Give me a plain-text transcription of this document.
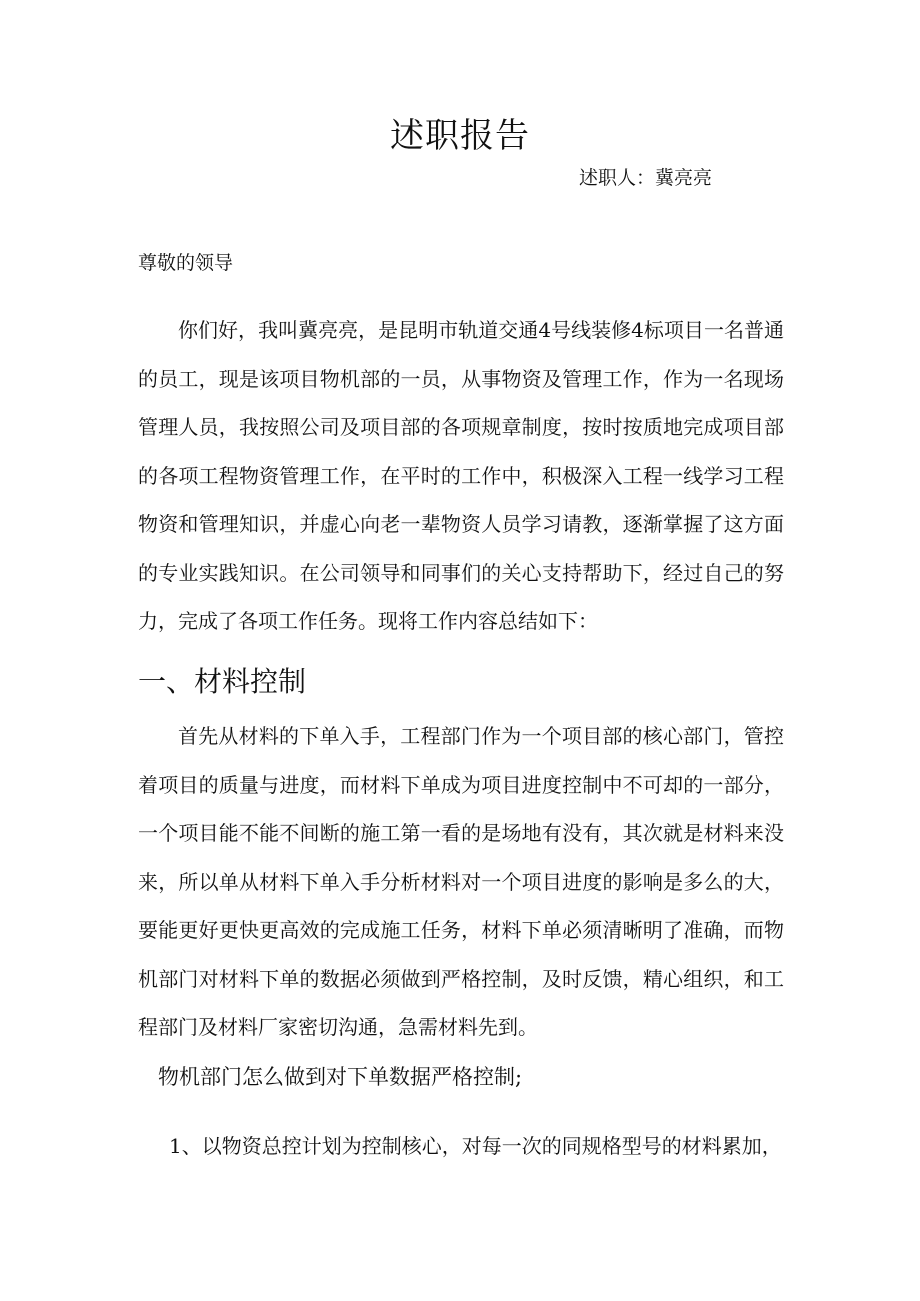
述职报告

述职人：冀亮亮

尊敬的领导

你们好，我叫冀亮亮，是昆明市轨道交通4号线装修4标项目一名普通的员工，现是该项目物机部的一员，从事物资及管理工作，作为一名现场管理人员，我按照公司及项目部的各项规章制度，按时按质地完成项目部的各项工程物资管理工作，在平时的工作中，积极深入工程一线学习工程物资和管理知识，并虚心向老一辈物资人员学习请教，逐渐掌握了这方面的专业实践知识。在公司领导和同事们的关心支持帮助下，经过自己的努力，完成了各项工作任务。现将工作内容总结如下：

一、材料控制

首先从材料的下单入手，工程部门作为一个项目部的核心部门，管控着项目的质量与进度，而材料下单成为项目进度控制中不可却的一部分，一个项目能不能不间断的施工第一看的是场地有没有，其次就是材料来没来，所以单从材料下单入手分析材料对一个项目进度的影响是多么的大，要能更好更快更高效的完成施工任务，材料下单必须清晰明了准确，而物机部门对材料下单的数据必须做到严格控制，及时反馈，精心组织，和工程部门及材料厂家密切沟通，急需材料先到。

物机部门怎么做到对下单数据严格控制;

1、以物资总控计划为控制核心，对每一次的同规格型号的材料累加，
